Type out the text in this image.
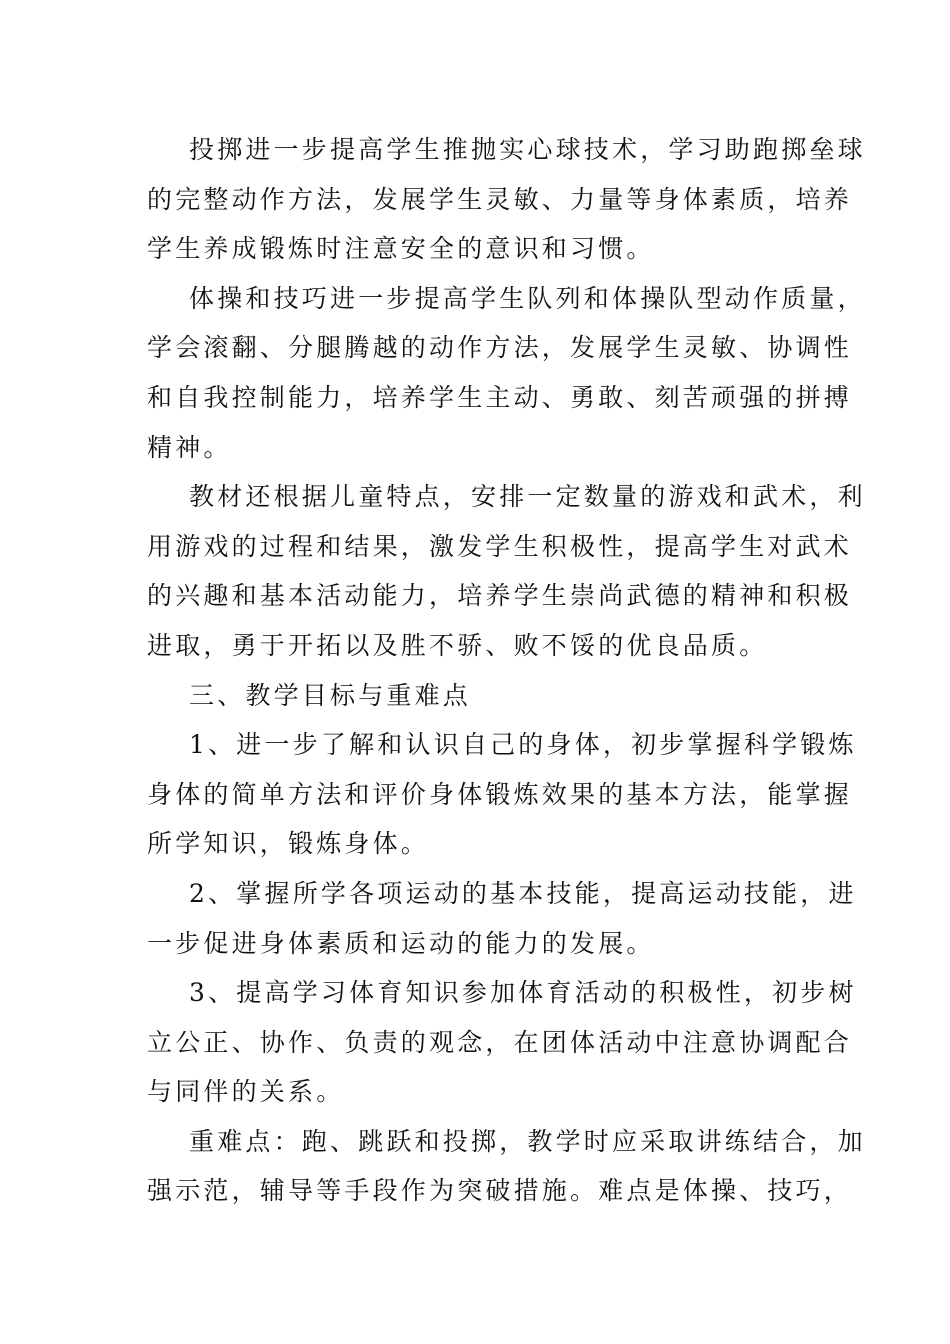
投掷进一步提高学生推抛实心球技术，学习助跑掷垒球
的完整动作方法，发展学生灵敏、力量等身体素质，培养
学生养成锻炼时注意安全的意识和习惯。
体操和技巧进一步提高学生队列和体操队型动作质量，
学会滚翻、分腿腾越的动作方法，发展学生灵敏、协调性
和自我控制能力，培养学生主动、勇敢、刻苦顽强的拼搏
精神。
教材还根据儿童特点，安排一定数量的游戏和武术，利
用游戏的过程和结果，激发学生积极性，提高学生对武术
的兴趣和基本活动能力，培养学生崇尚武德的精神和积极
进取，勇于开拓以及胜不骄、败不馁的优良品质。
三、教学目标与重难点
1、进一步了解和认识自己的身体，初步掌握科学锻炼
身体的简单方法和评价身体锻炼效果的基本方法，能掌握
所学知识，锻炼身体。
2、掌握所学各项运动的基本技能，提高运动技能，进
一步促进身体素质和运动的能力的发展。
3、提高学习体育知识参加体育活动的积极性，初步树
立公正、协作、负责的观念，在团体活动中注意协调配合
与同伴的关系。
重难点：跑、跳跃和投掷，教学时应采取讲练结合，加
强示范，辅导等手段作为突破措施。难点是体操、技巧，
